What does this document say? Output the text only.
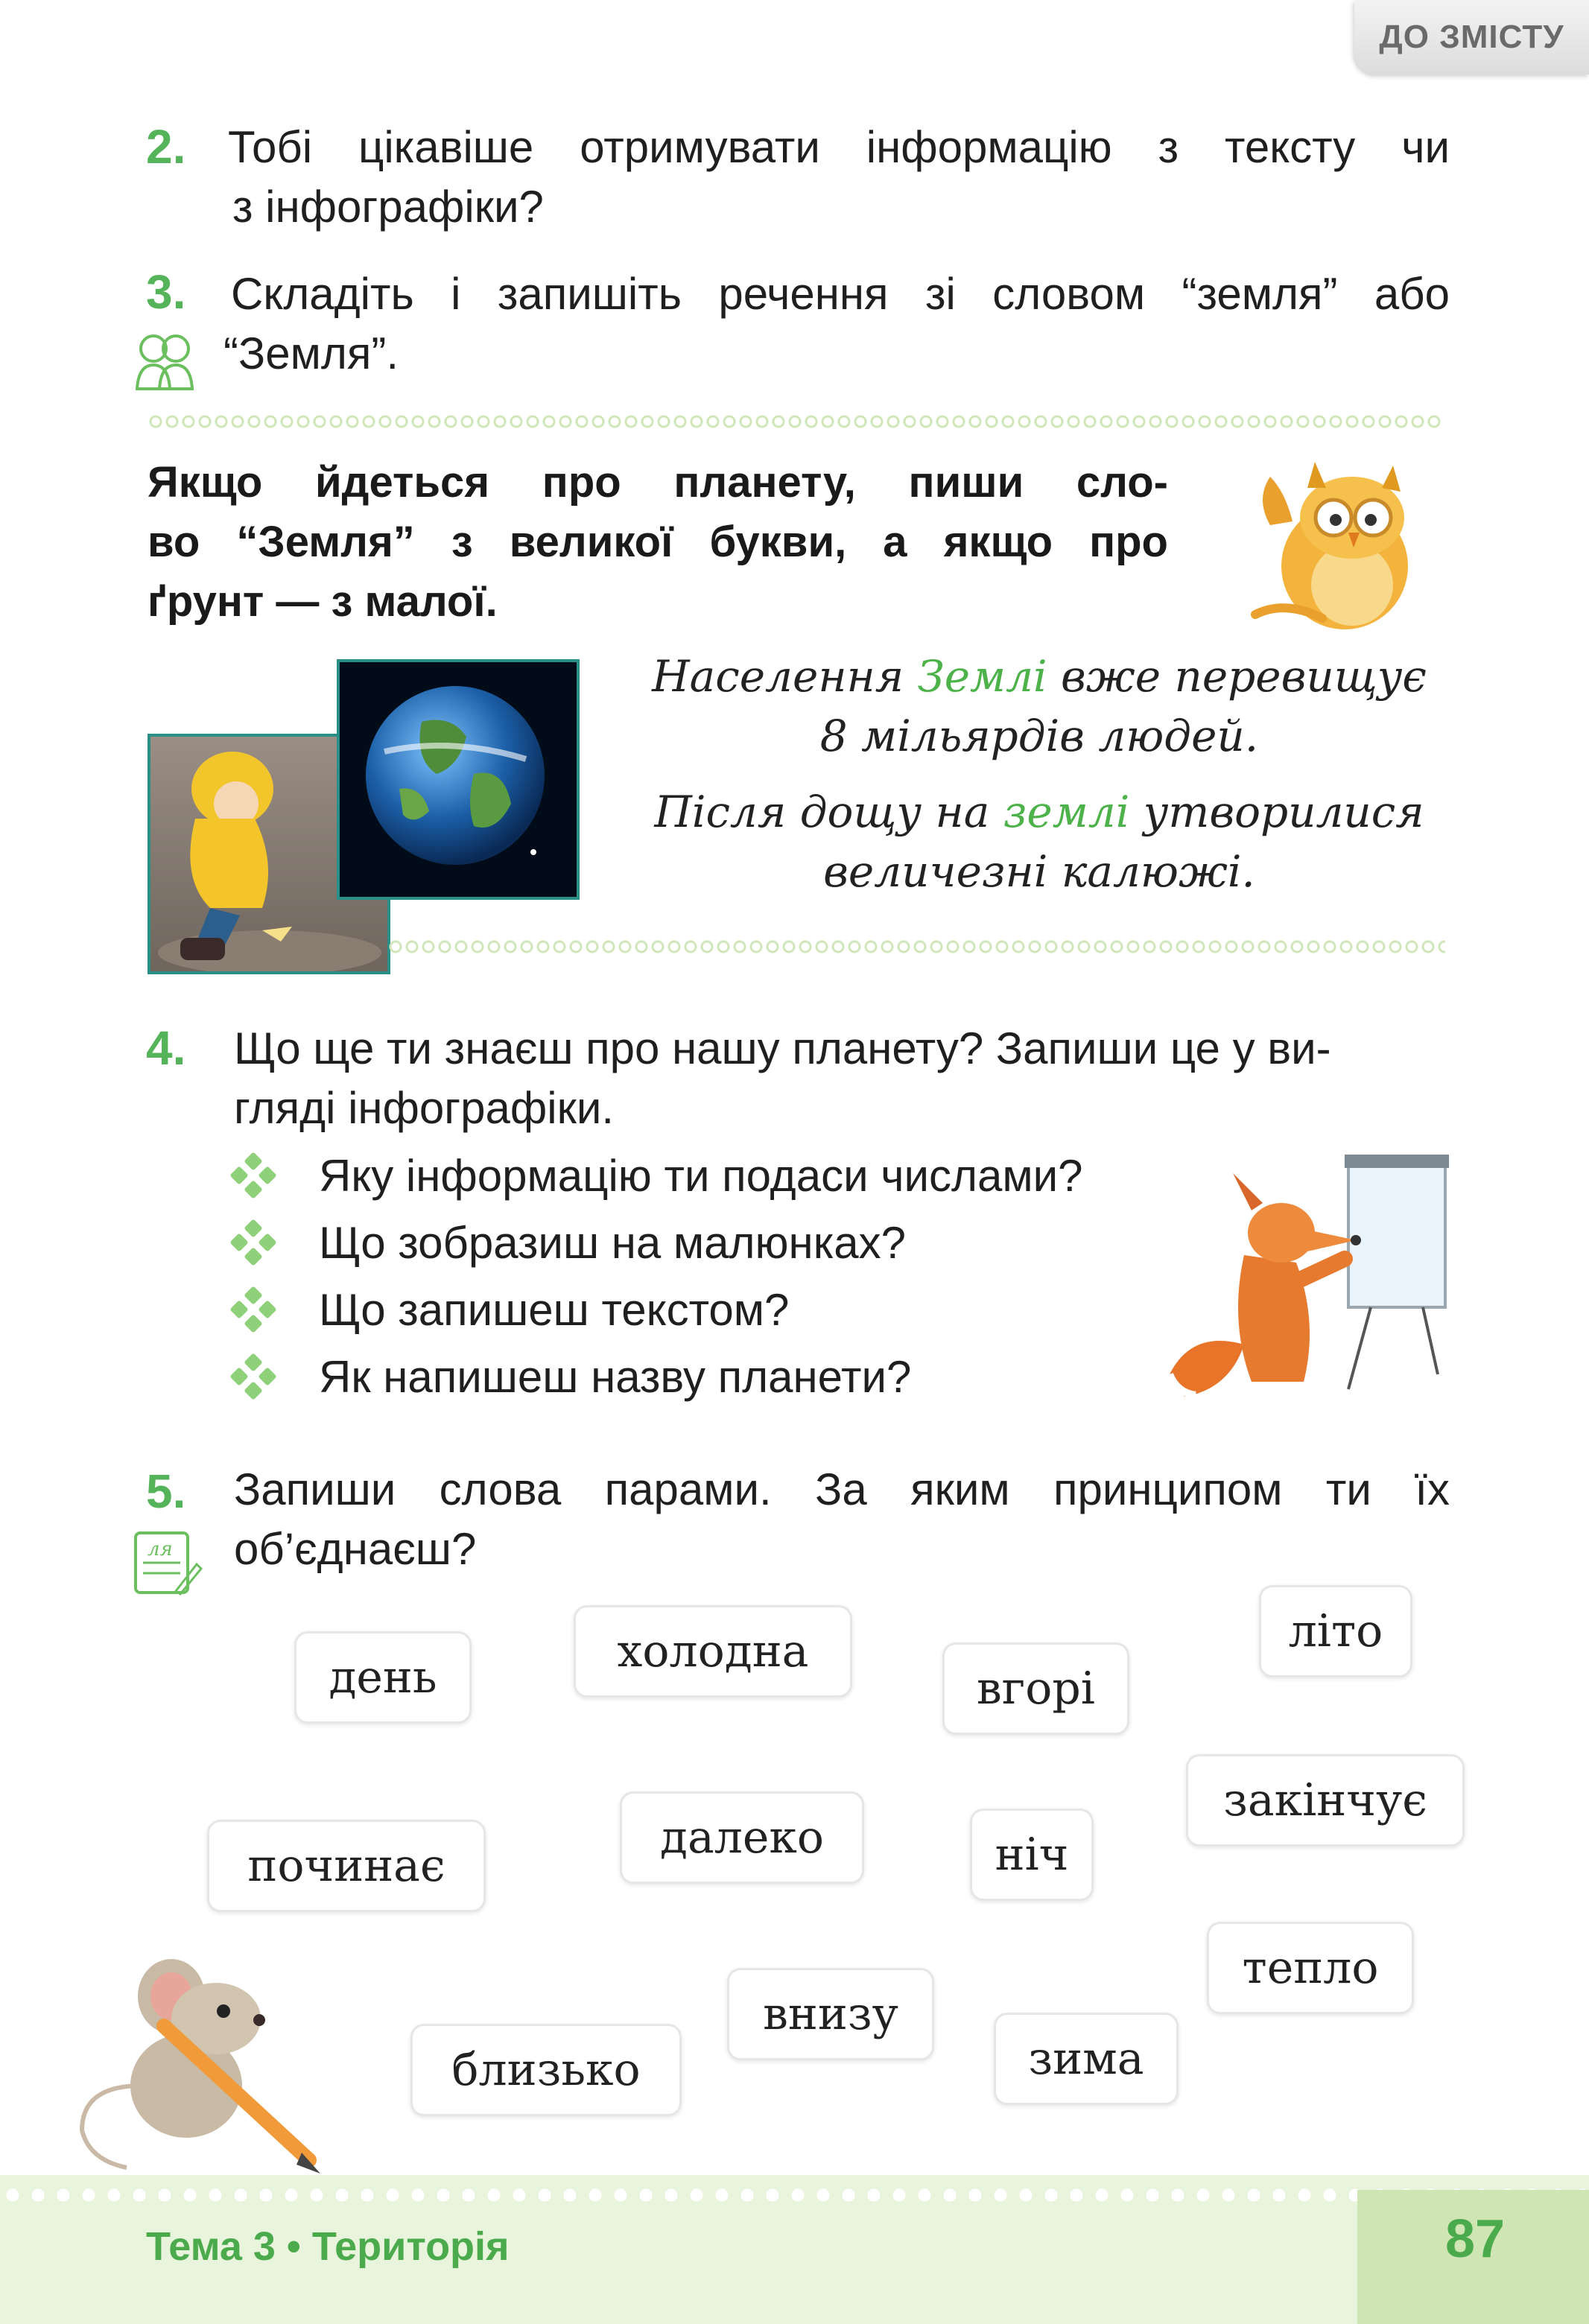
ДО ЗМІСТУ
2. Тобі цікавіше отримувати інформацію з тексту чи
з інфографіки?
3. Складіть і запишіть речення зі словом “земля” або
“Земля”.
Якщо йдеться про планету, пиши сло-
во “Земля” з великої букви, а якщо про
ґрунт — з малої.
Населення Землі вже перевищує
8 мільярдів людей.
Після дощу на землі утворилися
величезні калюжі.
4. Що ще ти знаєш про нашу планету? Запиши це у ви-
гляді інфографіки.
Яку інформацію ти подаси числами?
Що зобразиш на малюнках?
Що запишеш текстом?
Як напишеш назву планети?
5.
ля
Запиши слова парами. За яким принципом ти їх
об’єднаєш?
день	холодна
вгорі
літо
починає
далеко	ніч
закінчує
тепло
внизу
близько	зима
Тема 3 • Територія	87
